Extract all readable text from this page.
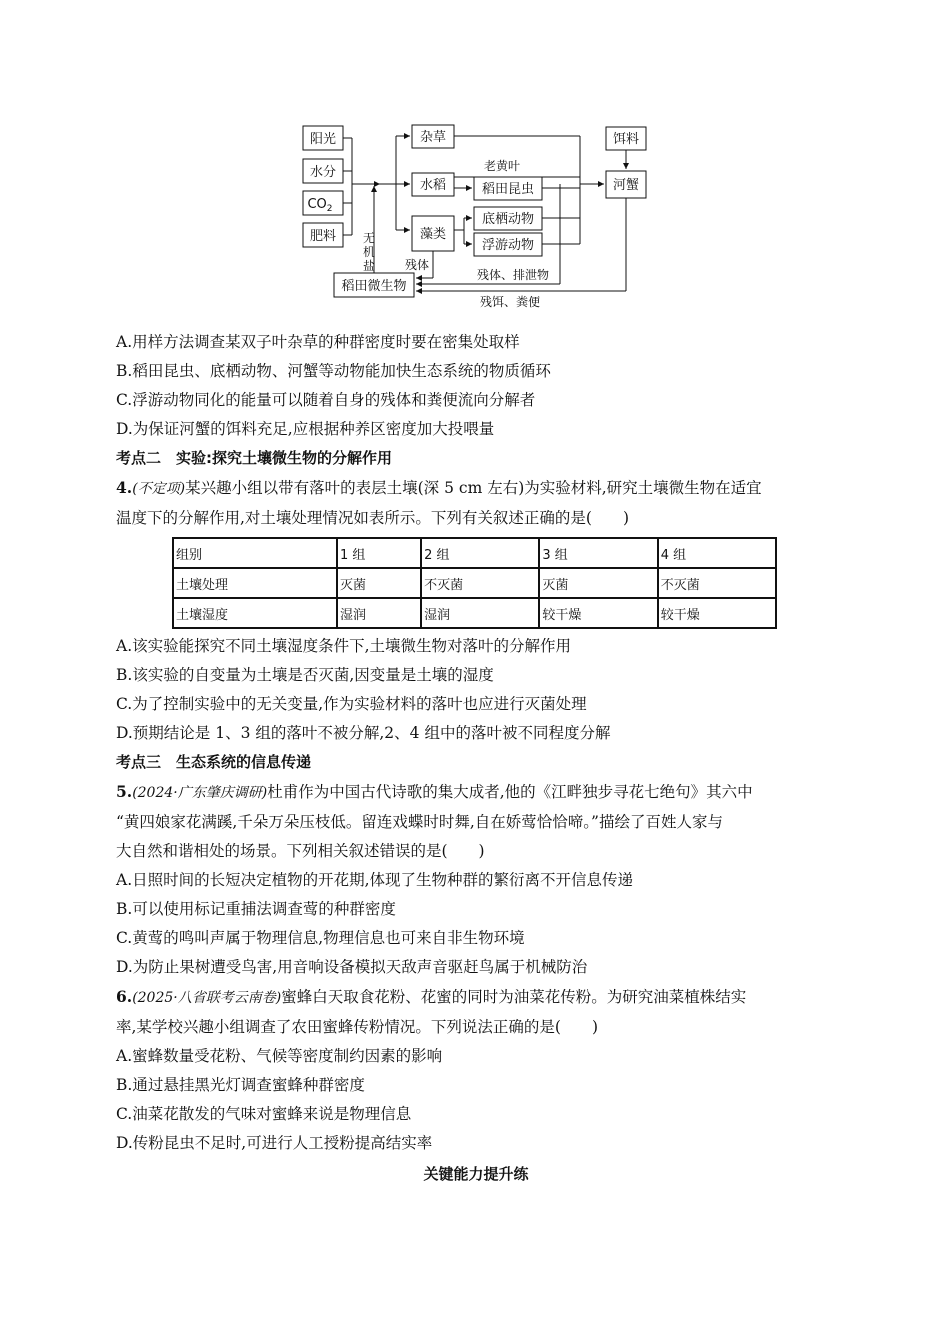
阳光
水分
$CO_2$
肥料
杂草
水稻
藻类
稻田昆虫
底栖动物
浮游动物
饵料
河蟹
稻田微生物
老黄叶
无
机
盐 残体
残体、排泄物
残饵、粪便
A.用样方法调查某双子叶杂草的种群密度时要在密集处取样
B.稻田昆虫、底栖动物、河蟹等动物能加快生态系统的物质循环
C.浮游动物同化的能量可以随着自身的残体和粪便流向分解者
D.为保证河蟹的饵料充足,应根据种养区密度加大投喂量
考点二　实验:探究土壤微生物的分解作用
4.(不定项)某兴趣小组以带有落叶的表层土壤(深 5 cm 左右)为实验材料,研究土壤微生物在适宜
温度下的分解作用,对土壤处理情况如表所示。下列有关叙述正确的是(　　)
组别	1 组	2 组	3 组	4 组
土壤处理	灭菌	不灭菌	灭菌	不灭菌
土壤湿度	湿润	湿润	较干燥	较干燥
A.该实验能探究不同土壤湿度条件下,土壤微生物对落叶的分解作用
B.该实验的自变量为土壤是否灭菌,因变量是土壤的湿度
C.为了控制实验中的无关变量,作为实验材料的落叶也应进行灭菌处理
D.预期结论是 1、3 组的落叶不被分解,2、4 组中的落叶被不同程度分解
考点三　生态系统的信息传递
5.(2024·广东肇庆调研)杜甫作为中国古代诗歌的集大成者,他的《江畔独步寻花七绝句》其六中
“黄四娘家花满蹊,千朵万朵压枝低。留连戏蝶时时舞,自在娇莺恰恰啼。”描绘了百姓人家与
大自然和谐相处的场景。下列相关叙述错误的是(　　)
A.日照时间的长短决定植物的开花期,体现了生物种群的繁衍离不开信息传递
B.可以使用标记重捕法调查莺的种群密度
C.黄莺的鸣叫声属于物理信息,物理信息也可来自非生物环境
D.为防止果树遭受鸟害,用音响设备模拟天敌声音驱赶鸟属于机械防治
6.(2025·八省联考云南卷)蜜蜂白天取食花粉、花蜜的同时为油菜花传粉。为研究油菜植株结实
率,某学校兴趣小组调查了农田蜜蜂传粉情况。下列说法正确的是(　　)
A.蜜蜂数量受花粉、气候等密度制约因素的影响
B.通过悬挂黑光灯调查蜜蜂种群密度
C.油菜花散发的气味对蜜蜂来说是物理信息
D.传粉昆虫不足时,可进行人工授粉提高结实率
关键能力提升练
